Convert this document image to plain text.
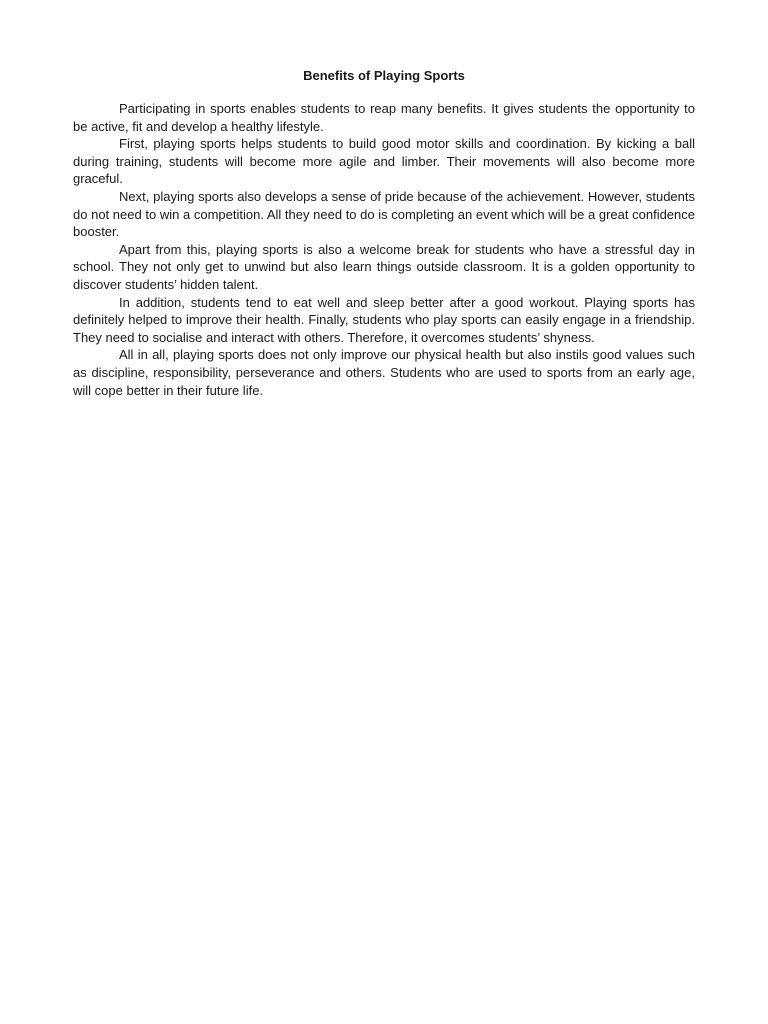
Benefits of Playing Sports

Participating in sports enables students to reap many benefits. It gives students the opportunity to be active, fit and develop a healthy lifestyle.

First, playing sports helps students to build good motor skills and coordination. By kicking a ball during training, students will become more agile and limber. Their movements will also become more graceful.

Next, playing sports also develops a sense of pride because of the achievement. However, students do not need to win a competition. All they need to do is completing an event which will be a great confidence booster.

Apart from this, playing sports is also a welcome break for students who have a stressful day in school. They not only get to unwind but also learn things outside classroom. It is a golden opportunity to discover students’ hidden talent.

In addition, students tend to eat well and sleep better after a good workout. Playing sports has definitely helped to improve their health. Finally, students who play sports can easily engage in a friendship. They need to socialise and interact with others. Therefore, it overcomes students’ shyness.

All in all, playing sports does not only improve our physical health but also instils good values such as discipline, responsibility, perseverance and others. Students who are used to sports from an early age, will cope better in their future life.
